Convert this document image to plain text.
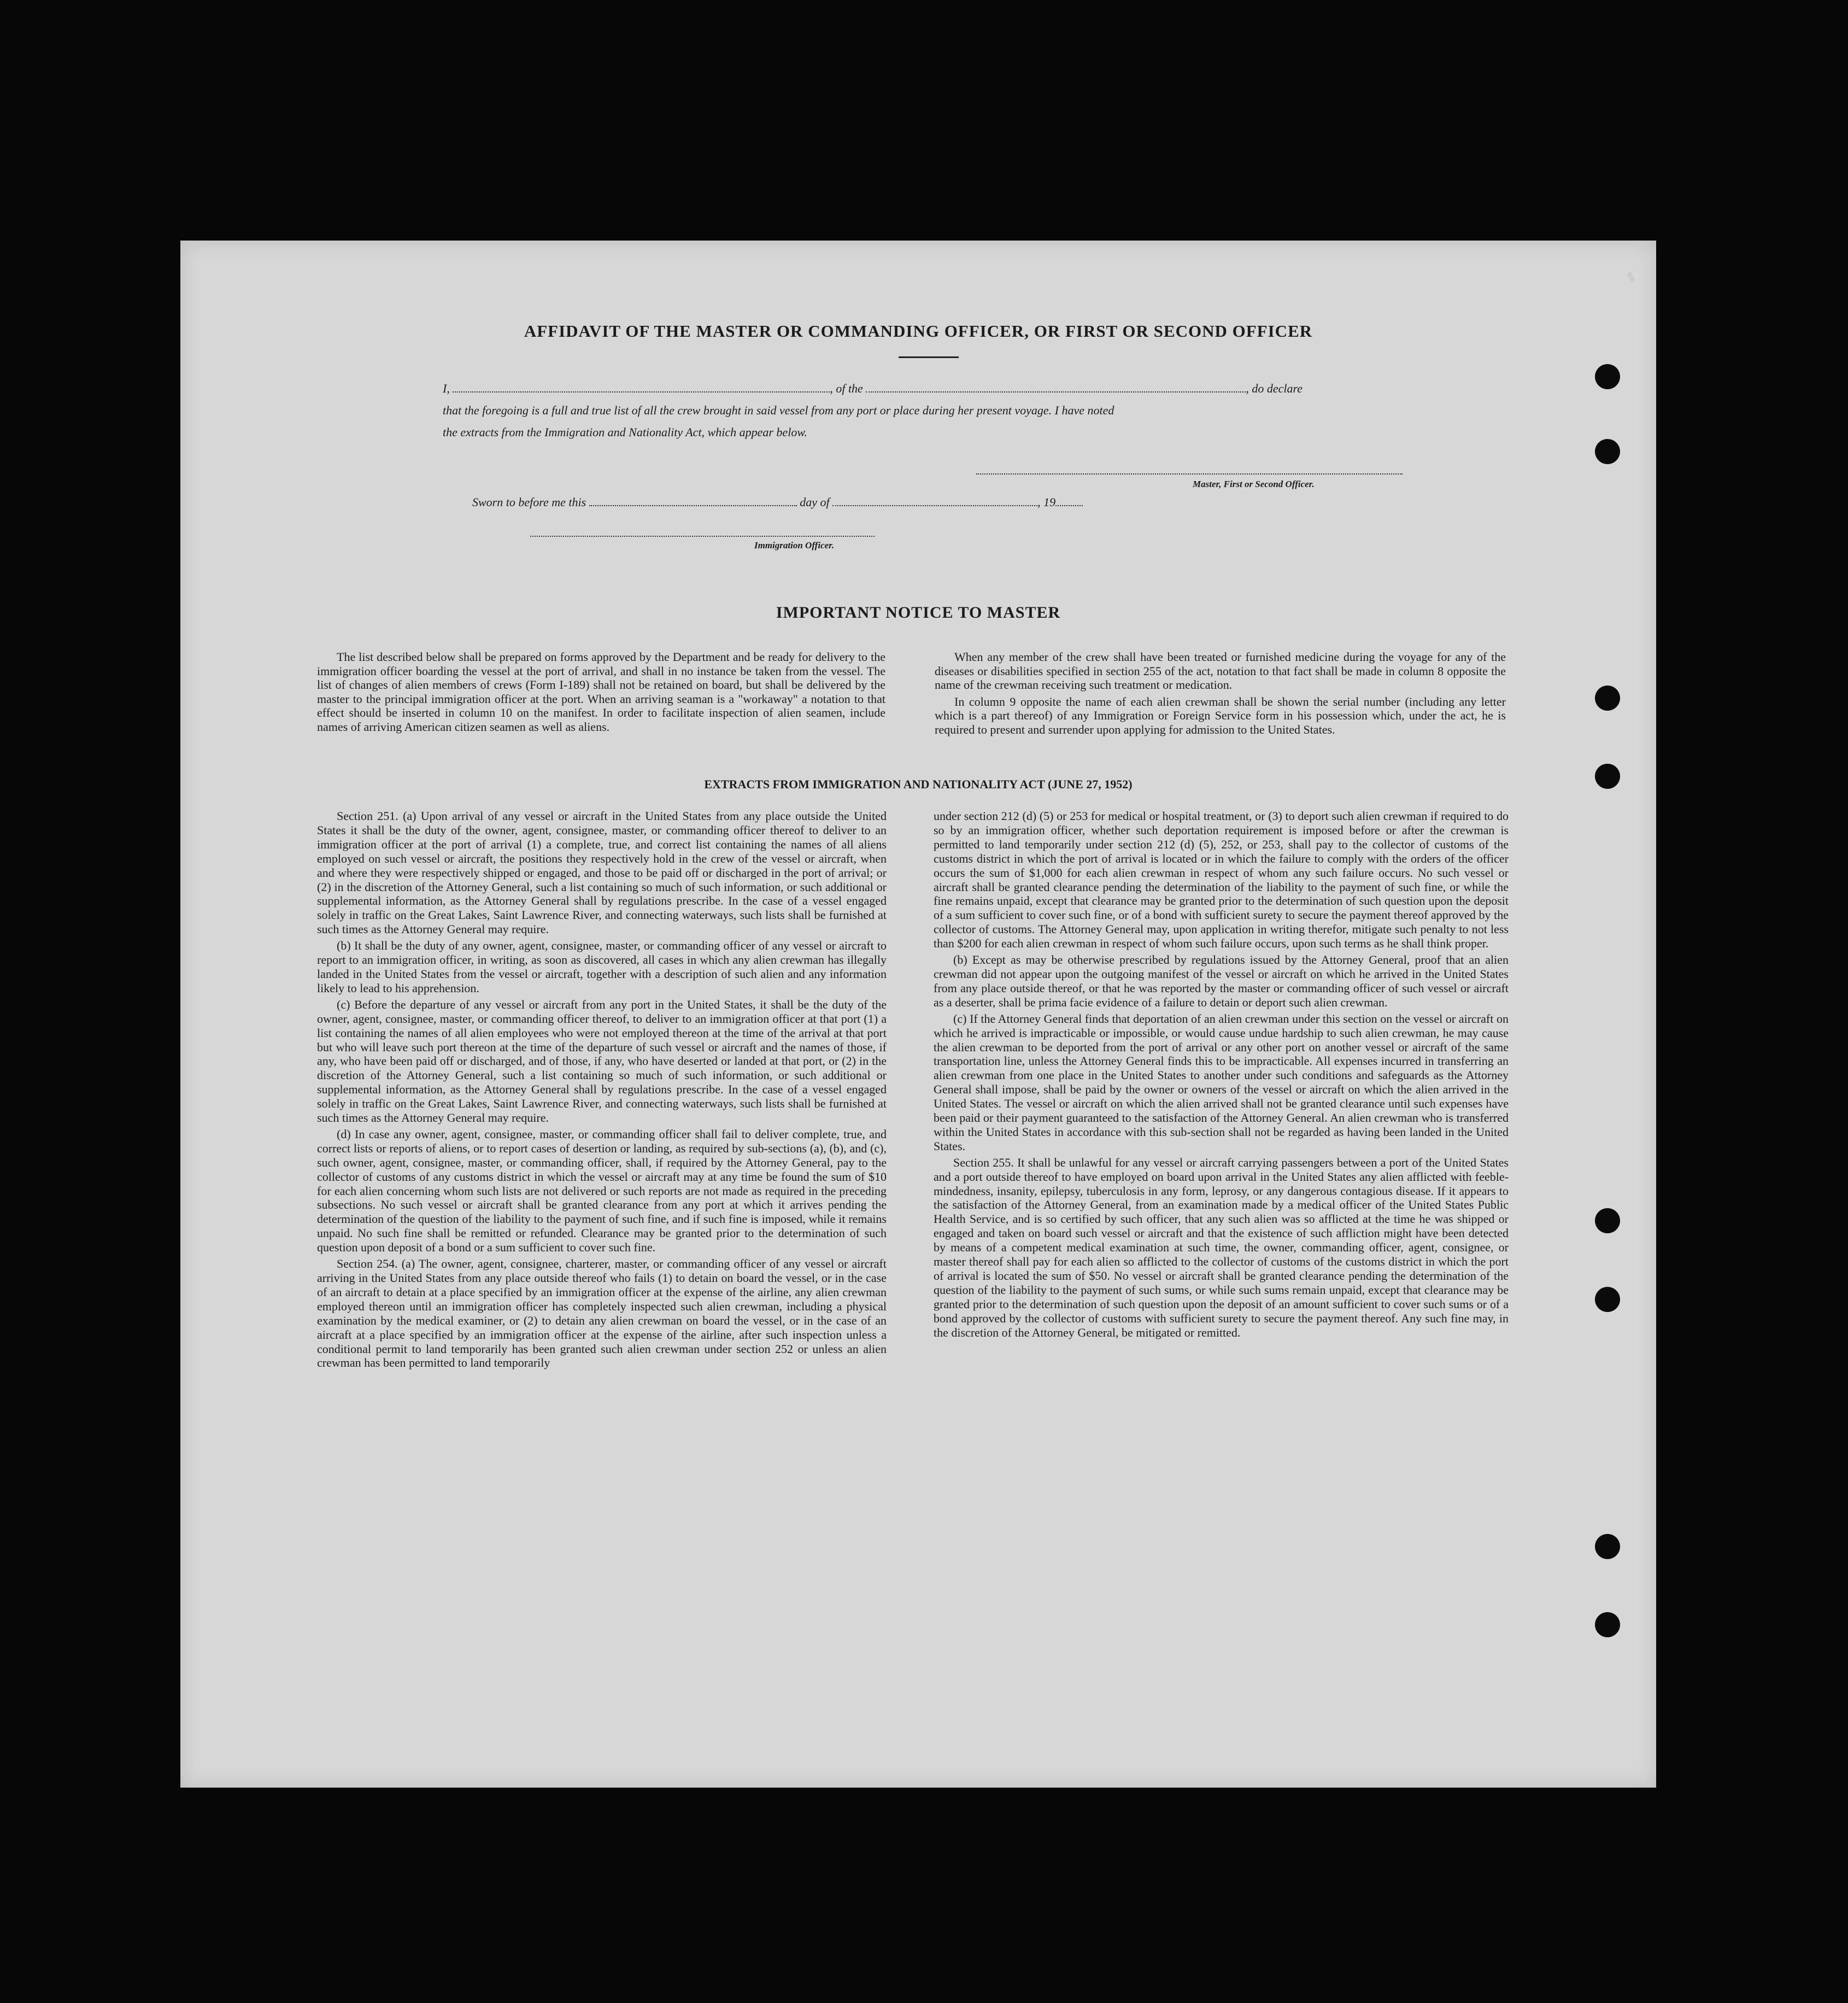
AFFIDAVIT OF THE MASTER OR COMMANDING OFFICER, OR FIRST OR SECOND OFFICER
I,	, of the	, do declare
that the foregoing is a full and true list of all the crew brought in said vessel from any port or place during her present voyage. I have noted
the extracts from the Immigration and Nationality Act, which appear below.
Master, First or Second Officer.
Sworn to before me this	day of	, 19
Immigration Officer.
IMPORTANT NOTICE TO MASTER

The list described below shall be prepared on forms approved by the Department and be ready for delivery to the immigration officer boarding the vessel at the port of arrival, and shall in no instance be taken from the vessel. The list of changes of alien members of crews (Form I-189) shall not be retained on board, but shall be delivered by the master to the principal immigration officer at the port. When an arriving seaman is a "workaway" a notation to that effect should be inserted in column 10 on the manifest. In order to facilitate inspection of alien seamen, include names of arriving American citizen seamen as well as aliens.

When any member of the crew shall have been treated or furnished medicine during the voyage for any of the diseases or disabilities specified in section 255 of the act, notation to that fact shall be made in column 8 opposite the name of the crewman receiving such treatment or medication.

In column 9 opposite the name of each alien crewman shall be shown the serial number (including any letter which is a part thereof) of any Immigration or Foreign Service form in his possession which, under the act, he is required to present and surrender upon applying for admission to the United States.

EXTRACTS FROM IMMIGRATION AND NATIONALITY ACT (JUNE 27, 1952)

Section 251. (a) Upon arrival of any vessel or aircraft in the United States from any place outside the United States it shall be the duty of the owner, agent, consignee, master, or commanding officer thereof to deliver to an immigration officer at the port of arrival (1) a complete, true, and correct list containing the names of all aliens employed on such vessel or aircraft, the positions they respectively hold in the crew of the vessel or aircraft, when and where they were respectively shipped or engaged, and those to be paid off or discharged in the port of arrival; or (2) in the discretion of the Attorney General, such a list containing so much of such information, or such additional or supplemental information, as the Attorney General shall by regulations prescribe. In the case of a vessel engaged solely in traffic on the Great Lakes, Saint Lawrence River, and connecting waterways, such lists shall be furnished at such times as the Attorney General may require.

(b) It shall be the duty of any owner, agent, consignee, master, or commanding officer of any vessel or aircraft to report to an immigration officer, in writing, as soon as discovered, all cases in which any alien crewman has illegally landed in the United States from the vessel or aircraft, together with a description of such alien and any information likely to lead to his apprehension.

(c) Before the departure of any vessel or aircraft from any port in the United States, it shall be the duty of the owner, agent, consignee, master, or commanding officer thereof, to deliver to an immigration officer at that port (1) a list containing the names of all alien employees who were not employed thereon at the time of the arrival at that port but who will leave such port thereon at the time of the departure of such vessel or aircraft and the names of those, if any, who have been paid off or discharged, and of those, if any, who have deserted or landed at that port, or (2) in the discretion of the Attorney General, such a list containing so much of such information, or such additional or supplemental information, as the Attorney General shall by regulations prescribe. In the case of a vessel engaged solely in traffic on the Great Lakes, Saint Lawrence River, and connecting waterways, such lists shall be furnished at such times as the Attorney General may require.

(d) In case any owner, agent, consignee, master, or commanding officer shall fail to deliver complete, true, and correct lists or reports of aliens, or to report cases of desertion or landing, as required by sub-sections (a), (b), and (c), such owner, agent, consignee, master, or commanding officer, shall, if required by the Attorney General, pay to the collector of customs of any customs district in which the vessel or aircraft may at any time be found the sum of $10 for each alien concerning whom such lists are not delivered or such reports are not made as required in the preceding subsections. No such vessel or aircraft shall be granted clearance from any port at which it arrives pending the determination of the question of the liability to the payment of such fine, and if such fine is imposed, while it remains unpaid. No such fine shall be remitted or refunded. Clearance may be granted prior to the determination of such question upon deposit of a bond or a sum sufficient to cover such fine.

Section 254. (a) The owner, agent, consignee, charterer, master, or commanding officer of any vessel or aircraft arriving in the United States from any place outside thereof who fails (1) to detain on board the vessel, or in the case of an aircraft to detain at a place specified by an immigration officer at the expense of the airline, any alien crewman employed thereon until an immigration officer has completely inspected such alien crewman, including a physical examination by the medical examiner, or (2) to detain any alien crewman on board the vessel, or in the case of an aircraft at a place specified by an immigration officer at the expense of the airline, after such inspection unless a conditional permit to land temporarily has been granted such alien crewman under section 252 or unless an alien crewman has been permitted to land temporarily

under section 212 (d) (5) or 253 for medical or hospital treatment, or (3) to deport such alien crewman if required to do so by an immigration officer, whether such deportation requirement is imposed before or after the crewman is permitted to land temporarily under section 212 (d) (5), 252, or 253, shall pay to the collector of customs of the customs district in which the port of arrival is located or in which the failure to comply with the orders of the officer occurs the sum of $1,000 for each alien crewman in respect of whom any such failure occurs. No such vessel or aircraft shall be granted clearance pending the determination of the liability to the payment of such fine, or while the fine remains unpaid, except that clearance may be granted prior to the determination of such question upon the deposit of a sum sufficient to cover such fine, or of a bond with sufficient surety to secure the payment thereof approved by the collector of customs. The Attorney General may, upon application in writing therefor, mitigate such penalty to not less than $200 for each alien crewman in respect of whom such failure occurs, upon such terms as he shall think proper.

(b) Except as may be otherwise prescribed by regulations issued by the Attorney General, proof that an alien crewman did not appear upon the outgoing manifest of the vessel or aircraft on which he arrived in the United States from any place outside thereof, or that he was reported by the master or commanding officer of such vessel or aircraft as a deserter, shall be prima facie evidence of a failure to detain or deport such alien crewman.

(c) If the Attorney General finds that deportation of an alien crewman under this section on the vessel or aircraft on which he arrived is impracticable or impossible, or would cause undue hardship to such alien crewman, he may cause the alien crewman to be deported from the port of arrival or any other port on another vessel or aircraft of the same transportation line, unless the Attorney General finds this to be impracticable. All expenses incurred in transferring an alien crewman from one place in the United States to another under such conditions and safeguards as the Attorney General shall impose, shall be paid by the owner or owners of the vessel or aircraft on which the alien arrived in the United States. The vessel or aircraft on which the alien arrived shall not be granted clearance until such expenses have been paid or their payment guaranteed to the satisfaction of the Attorney General. An alien crewman who is transferred within the United States in accordance with this sub-section shall not be regarded as having been landed in the United States.

Section 255. It shall be unlawful for any vessel or aircraft carrying passengers between a port of the United States and a port outside thereof to have employed on board upon arrival in the United States any alien afflicted with feeble-mindedness, insanity, epilepsy, tuberculosis in any form, leprosy, or any dangerous contagious disease. If it appears to the satisfaction of the Attorney General, from an examination made by a medical officer of the United States Public Health Service, and is so certified by such officer, that any such alien was so afflicted at the time he was shipped or engaged and taken on board such vessel or aircraft and that the existence of such affliction might have been detected by means of a competent medical examination at such time, the owner, commanding officer, agent, consignee, or master thereof shall pay for each alien so afflicted to the collector of customs of the customs district in which the port of arrival is located the sum of $50. No vessel or aircraft shall be granted clearance pending the determination of the question of the liability to the payment of such sums, or while such sums remain unpaid, except that clearance may be granted prior to the determination of such question upon the deposit of an amount sufficient to cover such sums or of a bond approved by the collector of customs with sufficient surety to secure the payment thereof. Any such fine may, in the discretion of the Attorney General, be mitigated or remitted.
